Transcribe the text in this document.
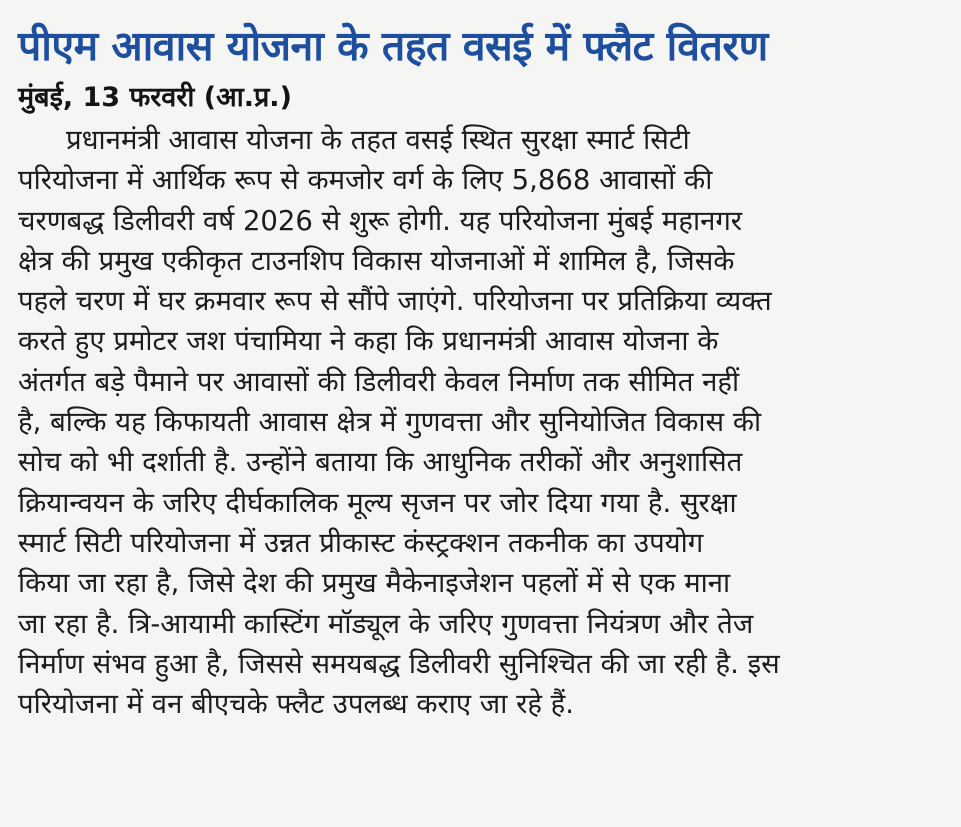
पीएम आवास योजना के तहत वसई में फ्लैट वितरण
मुंबई, 13 फरवरी (आ.प्र.)
प्रधानमंत्री आवास योजना के तहत वसई स्थित सुरक्षा स्मार्ट सिटी
परियोजना में आर्थिक रूप से कमजोर वर्ग के लिए 5,868 आवासों की
चरणबद्ध डिलीवरी वर्ष 2026 से शुरू होगी. यह परियोजना मुंबई महानगर
क्षेत्र की प्रमुख एकीकृत टाउनशिप विकास योजनाओं में शामिल है, जिसके
पहले चरण में घर क्रमवार रूप से सौंपे जाएंगे. परियोजना पर प्रतिक्रिया व्यक्त
करते हुए प्रमोटर जश पंचामिया ने कहा कि प्रधानमंत्री आवास योजना के
अंतर्गत बड़े पैमाने पर आवासों की डिलीवरी केवल निर्माण तक सीमित नहीं
है, बल्कि यह किफायती आवास क्षेत्र में गुणवत्ता और सुनियोजित विकास की
सोच को भी दर्शाती है. उन्होंने बताया कि आधुनिक तरीकों और अनुशासित
क्रियान्वयन के जरिए दीर्घकालिक मूल्य सृजन पर जोर दिया गया है. सुरक्षा
स्मार्ट सिटी परियोजना में उन्नत प्रीकास्ट कंस्ट्रक्शन तकनीक का उपयोग
किया जा रहा है, जिसे देश की प्रमुख मैकेनाइजेशन पहलों में से एक माना
जा रहा है. त्रि-आयामी कास्टिंग मॉड्यूल के जरिए गुणवत्ता नियंत्रण और तेज
निर्माण संभव हुआ है, जिससे समयबद्ध डिलीवरी सुनिश्चित की जा रही है. इस
परियोजना में वन बीएचके फ्लैट उपलब्ध कराए जा रहे हैं.
